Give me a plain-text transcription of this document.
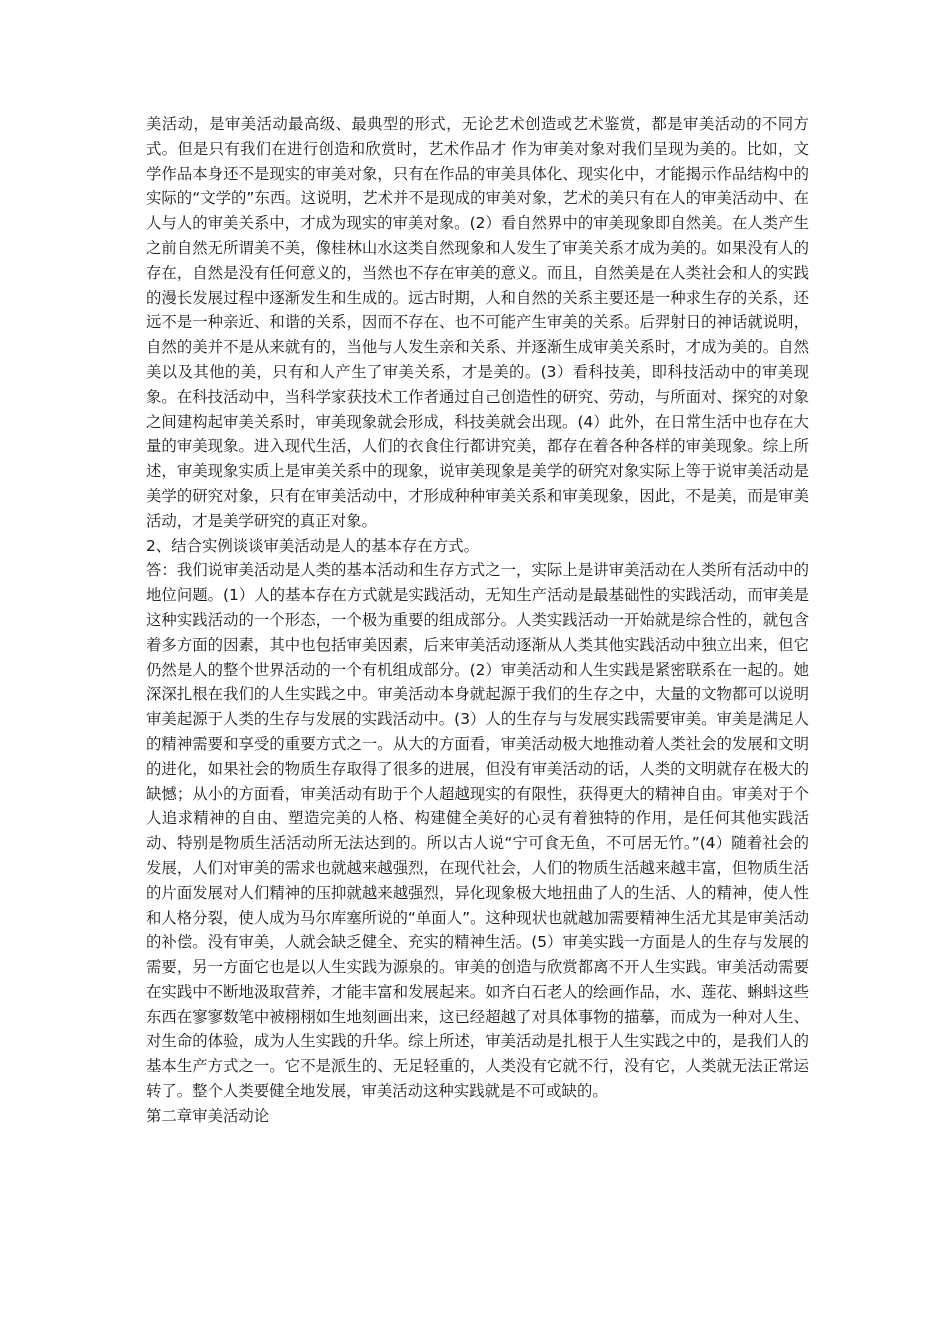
美活动，是审美活动最高级、最典型的形式，无论艺术创造或艺术鉴赏，都是审美活动的不同方式。但是只有我们在进行创造和欣赏时，艺术作品才 作为审美对象对我们呈现为美的。比如，文学作品本身还不是现实的审美对象，只有在作品的审美具体化、现实化中，才能揭示作品结构中的实际的“文学的”东西。这说明，艺术并不是现成的审美对象，艺术的美只有在人的审美活动中、在人与人的审美关系中，才成为现实的审美对象。(2）看自然界中的审美现象即自然美。在人类产生之前自然无所谓美不美，像桂林山水这类自然现象和人发生了审美关系才成为美的。如果没有人的存在，自然是没有任何意义的，当然也不存在审美的意义。而且，自然美是在人类社会和人的实践的漫长发展过程中逐渐发生和生成的。远古时期，人和自然的关系主要还是一种求生存的关系，还远不是一种亲近、和谐的关系，因而不存在、也不可能产生审美的关系。后羿射日的神话就说明，自然的美并不是从来就有的，当他与人发生亲和关系、并逐渐生成审美关系时，才成为美的。自然美以及其他的美，只有和人产生了审美关系，才是美的。(3）看科技美，即科技活动中的审美现象。在科技活动中，当科学家获技术工作者通过自己创造性的研究、劳动，与所面对、探究的对象之间建构起审美关系时，审美现象就会形成，科技美就会出现。(4）此外，在日常生活中也存在大量的审美现象。进入现代生活，人们的衣食住行都讲究美，都存在着各种各样的审美现象。综上所述，审美现象实质上是审美关系中的现象，说审美现象是美学的研究对象实际上等于说审美活动是美学的研究对象，只有在审美活动中，才形成种种审美关系和审美现象，因此，不是美，而是审美活动，才是美学研究的真正对象。

2、结合实例谈谈审美活动是人的基本存在方式。

答：我们说审美活动是人类的基本活动和生存方式之一，实际上是讲审美活动在人类所有活动中的地位问题。(1）人的基本存在方式就是实践活动，无知生产活动是最基础性的实践活动，而审美是这种实践活动的一个形态，一个极为重要的组成部分。人类实践活动一开始就是综合性的，就包含着多方面的因素，其中也包括审美因素，后来审美活动逐渐从人类其他实践活动中独立出来，但它仍然是人的整个世界活动的一个有机组成部分。(2）审美活动和人生实践是紧密联系在一起的。她深深扎根在我们的人生实践之中。审美活动本身就起源于我们的生存之中，大量的文物都可以说明审美起源于人类的生存与发展的实践活动中。(3）人的生存与与发展实践需要审美。审美是满足人的精神需要和享受的重要方式之一。从大的方面看，审美活动极大地推动着人类社会的发展和文明的进化，如果社会的物质生存取得了很多的进展，但没有审美活动的话，人类的文明就存在极大的缺憾；从小的方面看，审美活动有助于个人超越现实的有限性，获得更大的精神自由。审美对于个人追求精神的自由、塑造完美的人格、构建健全美好的心灵有着独特的作用，是任何其他实践活动、特别是物质生活活动所无法达到的。所以古人说“宁可食无鱼，不可居无竹。”(4）随着社会的发展，人们对审美的需求也就越来越强烈，在现代社会，人们的物质生活越来越丰富，但物质生活的片面发展对人们精神的压抑就越来越强烈，异化现象极大地扭曲了人的生活、人的精神，使人性和人格分裂，使人成为马尔库塞所说的“单面人”。这种现状也就越加需要精神生活尤其是审美活动的补偿。没有审美，人就会缺乏健全、充实的精神生活。(5）审美实践一方面是人的生存与发展的需要，另一方面它也是以人生实践为源泉的。审美的创造与欣赏都离不开人生实践。审美活动需要在实践中不断地汲取营养，才能丰富和发展起来。如齐白石老人的绘画作品，水、莲花、蝌蚪这些东西在寥寥数笔中被栩栩如生地刻画出来，这已经超越了对具体事物的描摹，而成为一种对人生、对生命的体验，成为人生实践的升华。综上所述，审美活动是扎根于人生实践之中的，是我们人的基本生产方式之一。它不是派生的、无足轻重的，人类没有它就不行，没有它，人类就无法正常运转了。整个人类要健全地发展，审美活动这种实践就是不可或缺的。

第二章审美活动论
